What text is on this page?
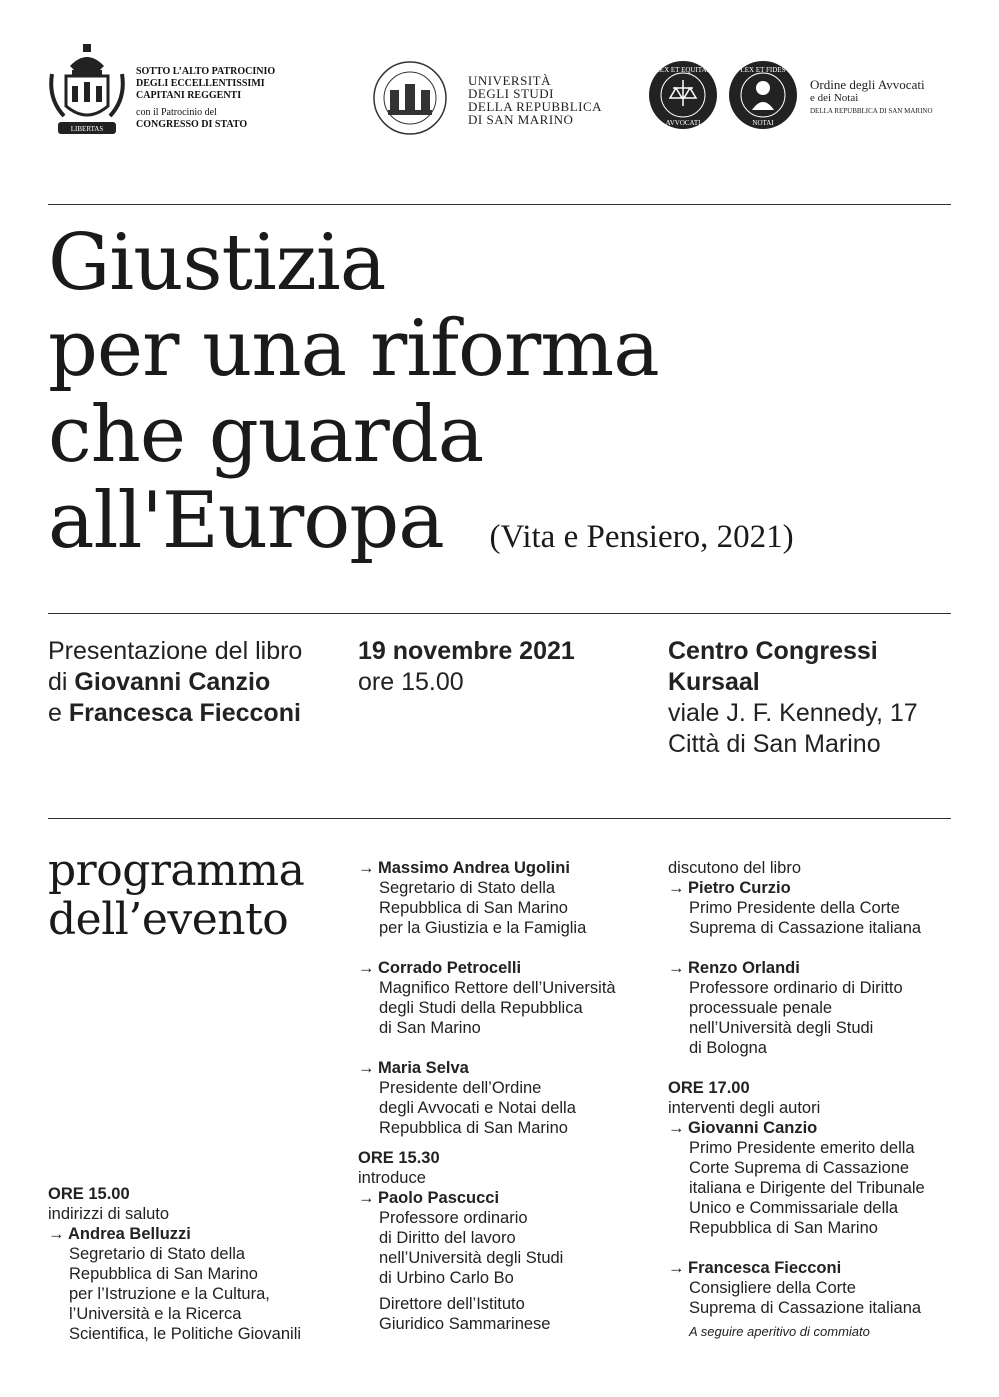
LIBERTAS
SOTTO L’ALTO PATROCINIO
DEGLI ECCELLENTISSIMI
CAPITANI REGGENTI
con il Patrocinio del
CONGRESSO DI STATO
UNIVERSITÀ
DEGLI STUDI
DELLA REPUBBLICA
DI SAN MARINO
LEX ET EQUITAS
AVVOCATI
LEX ET FIDES
NOTAI
Ordine degli Avvocati
e dei Notai
DELLA REPUBBLICA DI SAN MARINO
Giustizia
per una riforma
che guarda
all'Europa (Vita e Pensiero, 2021)
Presentazione del libro
di Giovanni Canzio
e Francesca Fiecconi
19 novembre 2021
ore 15.00
Centro Congressi
Kursaal
viale J. F. Kennedy, 17
Città di San Marino
programma
dell’evento
ORE 15.00
indirizzi di saluto
→ Andrea Belluzzi
Segretario di Stato della
Repubblica di San Marino
per l’Istruzione e la Cultura,
l’Università e la Ricerca
Scientifica, le Politiche Giovanili
→ Massimo Andrea Ugolini
Segretario di Stato della
Repubblica di San Marino
per la Giustizia e la Famiglia
→ Corrado Petrocelli
Magnifico Rettore dell’Università
degli Studi della Repubblica
di San Marino
→ Maria Selva
Presidente dell’Ordine
degli Avvocati e Notai della
Repubblica di San Marino
ORE 15.30
introduce
→ Paolo Pascucci
Professore ordinario
di Diritto del lavoro
nell’Università degli Studi
di Urbino Carlo Bo
Direttore dell’Istituto
Giuridico Sammarinese
discutono del libro
→ Pietro Curzio
Primo Presidente della Corte
Suprema di Cassazione italiana
→ Renzo Orlandi
Professore ordinario di Diritto
processuale penale
nell’Università degli Studi
di Bologna
ORE 17.00
interventi degli autori
→ Giovanni Canzio
Primo Presidente emerito della
Corte Suprema di Cassazione
italiana e Dirigente del Tribunale
Unico e Commissariale della
Repubblica di San Marino
→ Francesca Fiecconi
Consigliere della Corte
Suprema di Cassazione italiana
A seguire aperitivo di commiato
